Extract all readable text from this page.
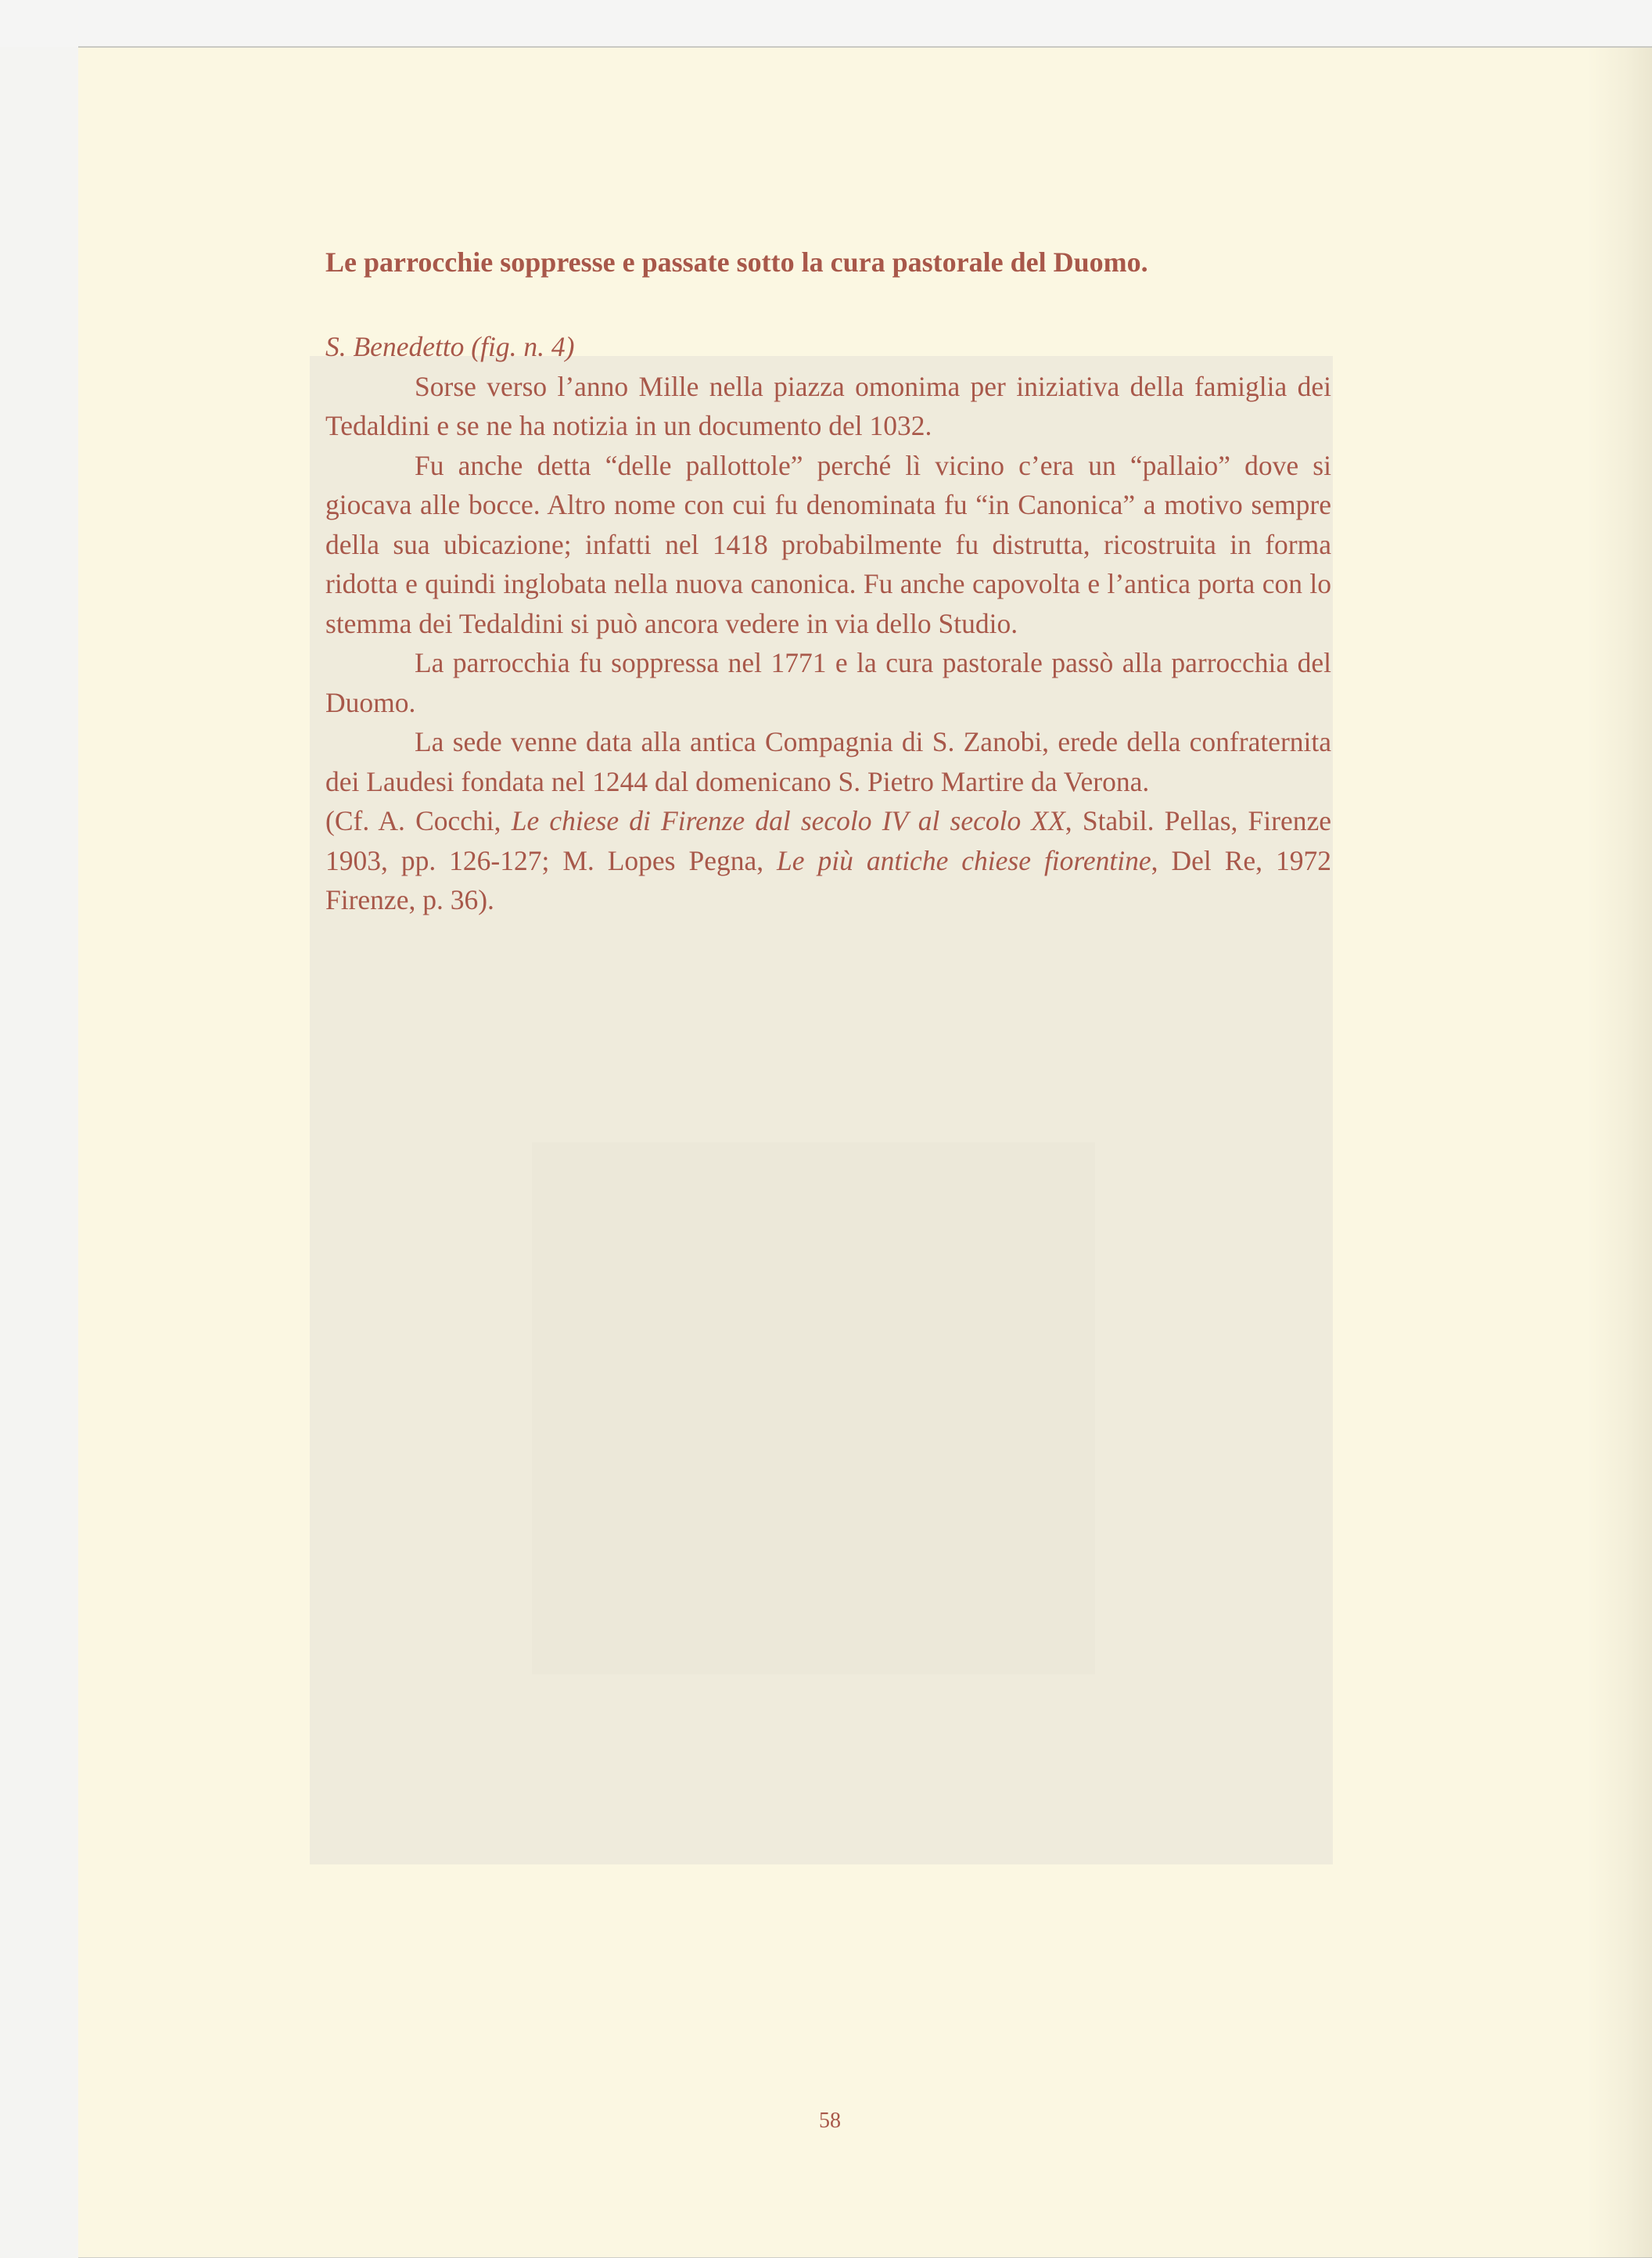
Le parrocchie soppresse e passate sotto la cura pastorale del Duomo.

S. Benedetto (fig. n. 4)

Sorse verso l’anno Mille nella piazza omonima per iniziativa della famiglia dei Tedaldini e se ne ha notizia in un documento del 1032.

Fu anche detta “delle pallottole” perché lì vicino c’era un “pallaio” dove si giocava alle bocce. Altro nome con cui fu denominata fu “in Canonica” a motivo sempre della sua ubicazione; infatti nel 1418 probabilmente fu distrutta, ricostruita in forma ridotta e quindi inglobata nella nuova canonica. Fu anche capovolta e l’antica porta con lo stemma dei Tedaldini si può ancora vedere in via dello Studio.

La parrocchia fu soppressa nel 1771 e la cura pastorale passò alla parrocchia del Duomo.

La sede venne data alla antica Compagnia di S. Zanobi, erede della confraternita dei Laudesi fondata nel 1244 dal domenicano S. Pietro Martire da Verona.

(Cf. A. Cocchi, Le chiese di Firenze dal secolo IV al secolo XX, Stabil. Pellas, Firenze 1903, pp. 126-127; M. Lopes Pegna, Le più antiche chiese fiorentine, Del Re, 1972 Firenze, p. 36).

58
